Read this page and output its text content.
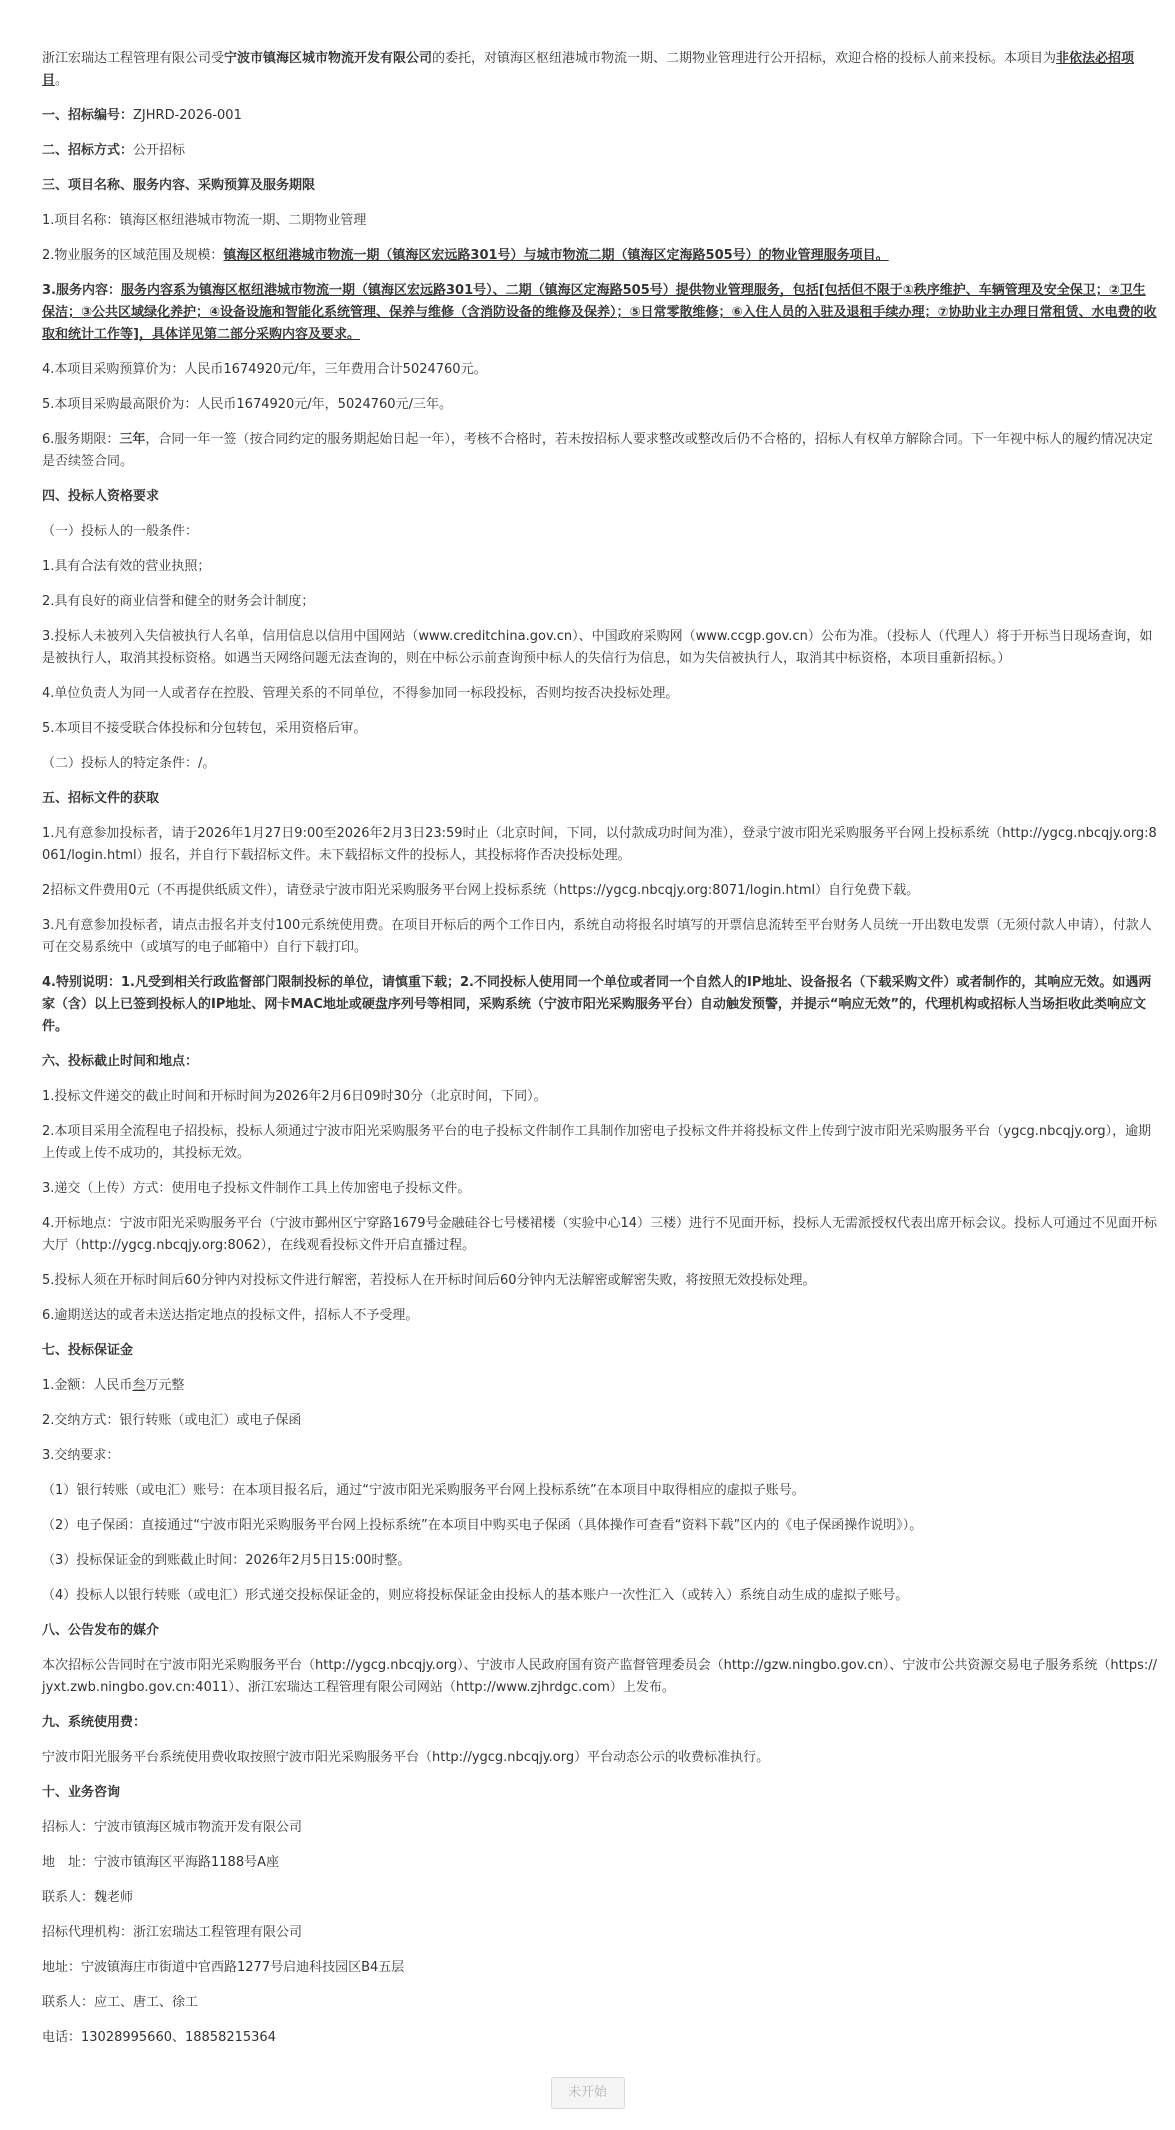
浙江宏瑞达工程管理有限公司受宁波市镇海区城市物流开发有限公司的委托，对镇海区枢纽港城市物流一期、二期物业管理进行公开招标，欢迎合格的投标人前来投标。本项目为非依法必招项目。

一、招标编号：ZJHRD-2026-001

二、招标方式：公开招标

三、项目名称、服务内容、采购预算及服务期限

1.项目名称：镇海区枢纽港城市物流一期、二期物业管理

2.物业服务的区域范围及规模：镇海区枢纽港城市物流一期（镇海区宏远路301号）与城市物流二期（镇海区定海路505号）的物业管理服务项目。

3.服务内容：服务内容系为镇海区枢纽港城市物流一期（镇海区宏远路301号）、二期（镇海区定海路505号）提供物业管理服务，包括[包括但不限于①秩序维护、车辆管理及安全保卫；②卫生保洁；③公共区域绿化养护；④设备设施和智能化系统管理、保养与维修（含消防设备的维修及保养）；⑤日常零散维修；⑥入住人员的入驻及退租手续办理；⑦协助业主办理日常租赁、水电费的收取和统计工作等]，具体详见第二部分采购内容及要求。

4.本项目采购预算价为：人民币1674920元/年，三年费用合计5024760元。

5.本项目采购最高限价为：人民币1674920元/年，5024760元/三年。

6.服务期限：三年，合同一年一签（按合同约定的服务期起始日起一年），考核不合格时，若未按招标人要求整改或整改后仍不合格的，招标人有权单方解除合同。下一年视中标人的履约情况决定是否续签合同。

四、投标人资格要求

（一）投标人的一般条件：

1.具有合法有效的营业执照；

2.具有良好的商业信誉和健全的财务会计制度；

3.投标人未被列入失信被执行人名单，信用信息以信用中国网站（www.creditchina.gov.cn）、中国政府采购网（www.ccgp.gov.cn）公布为准。（投标人（代理人）将于开标当日现场查询，如是被执行人，取消其投标资格。如遇当天网络问题无法查询的，则在中标公示前查询预中标人的失信行为信息，如为失信被执行人，取消其中标资格，本项目重新招标。）

4.单位负责人为同一人或者存在控股、管理关系的不同单位，不得参加同一标段投标，否则均按否决投标处理。

5.本项目不接受联合体投标和分包转包，采用资格后审。

（二）投标人的特定条件：/。

五、招标文件的获取

1.凡有意参加投标者，请于2026年1月27日9:00至2026年2月3日23:59时止（北京时间，下同，以付款成功时间为准），登录宁波市阳光采购服务平台网上投标系统（http://ygcg.nbcqjy.org:8061/login.html）报名，并自行下载招标文件。未下载招标文件的投标人，其投标将作否决投标处理。

2招标文件费用0元（不再提供纸质文件），请登录宁波市阳光采购服务平台网上投标系统（https://ygcg.nbcqjy.org:8071/login.html）自行免费下载。

3.凡有意参加投标者，请点击报名并支付100元系统使用费。在项目开标后的两个工作日内，系统自动将报名时填写的开票信息流转至平台财务人员统一开出数电发票（无须付款人申请），付款人可在交易系统中（或填写的电子邮箱中）自行下载打印。

4.特别说明：1.凡受到相关行政监督部门限制投标的单位，请慎重下载；2.不同投标人使用同一个单位或者同一个自然人的IP地址、设备报名（下载采购文件）或者制作的，其响应无效。如遇两家（含）以上已签到投标人的IP地址、网卡MAC地址或硬盘序列号等相同，采购系统（宁波市阳光采购服务平台）自动触发预警，并提示“响应无效”的，代理机构或招标人当场拒收此类响应文件。

六、投标截止时间和地点：

1.投标文件递交的截止时间和开标时间为2026年2月6日09时30分（北京时间，下同）。

2.本项目采用全流程电子招投标，投标人须通过宁波市阳光采购服务平台的电子投标文件制作工具制作加密电子投标文件并将投标文件上传到宁波市阳光采购服务平台（ygcg.nbcqjy.org），逾期上传或上传不成功的，其投标无效。

3.递交（上传）方式：使用电子投标文件制作工具上传加密电子投标文件。

4.开标地点：宁波市阳光采购服务平台（宁波市鄞州区宁穿路1679号金融硅谷七号楼裙楼（实验中心14）三楼）进行不见面开标，投标人无需派授权代表出席开标会议。投标人可通过不见面开标大厅（http://ygcg.nbcqjy.org:8062），在线观看投标文件开启直播过程。

5.投标人须在开标时间后60分钟内对投标文件进行解密，若投标人在开标时间后60分钟内无法解密或解密失败，将按照无效投标处理。

6.逾期送达的或者未送达指定地点的投标文件，招标人不予受理。

七、投标保证金

1.金额：人民币叁万元整

2.交纳方式：银行转账（或电汇）或电子保函

3.交纳要求：

（1）银行转账（或电汇）账号：在本项目报名后，通过“宁波市阳光采购服务平台网上投标系统”在本项目中取得相应的虚拟子账号。

（2）电子保函：直接通过“宁波市阳光采购服务平台网上投标系统”在本项目中购买电子保函（具体操作可查看“资料下载”区内的《电子保函操作说明》）。

（3）投标保证金的到账截止时间：2026年2月5日15:00时整。

（4）投标人以银行转账（或电汇）形式递交投标保证金的，则应将投标保证金由投标人的基本账户一次性汇入（或转入）系统自动生成的虚拟子账号。

八、公告发布的媒介

本次招标公告同时在宁波市阳光采购服务平台（http://ygcg.nbcqjy.org）、宁波市人民政府国有资产监督管理委员会（http://gzw.ningbo.gov.cn）、宁波市公共资源交易电子服务系统（https://jyxt.zwb.ningbo.gov.cn:4011）、浙江宏瑞达工程管理有限公司网站（http://www.zjhrdgc.com）上发布。

九、系统使用费：

宁波市阳光服务平台系统使用费收取按照宁波市阳光采购服务平台（http://ygcg.nbcqjy.org）平台动态公示的收费标准执行。

十、业务咨询

招标人：宁波市镇海区城市物流开发有限公司

地　址：宁波市镇海区平海路1188号A座

联系人：魏老师

招标代理机构：浙江宏瑞达工程管理有限公司

地址：宁波镇海庄市街道中官西路1277号启迪科技园区B4五层

联系人：应工、唐工、徐工

电话：13028995660、18858215364

未开始
